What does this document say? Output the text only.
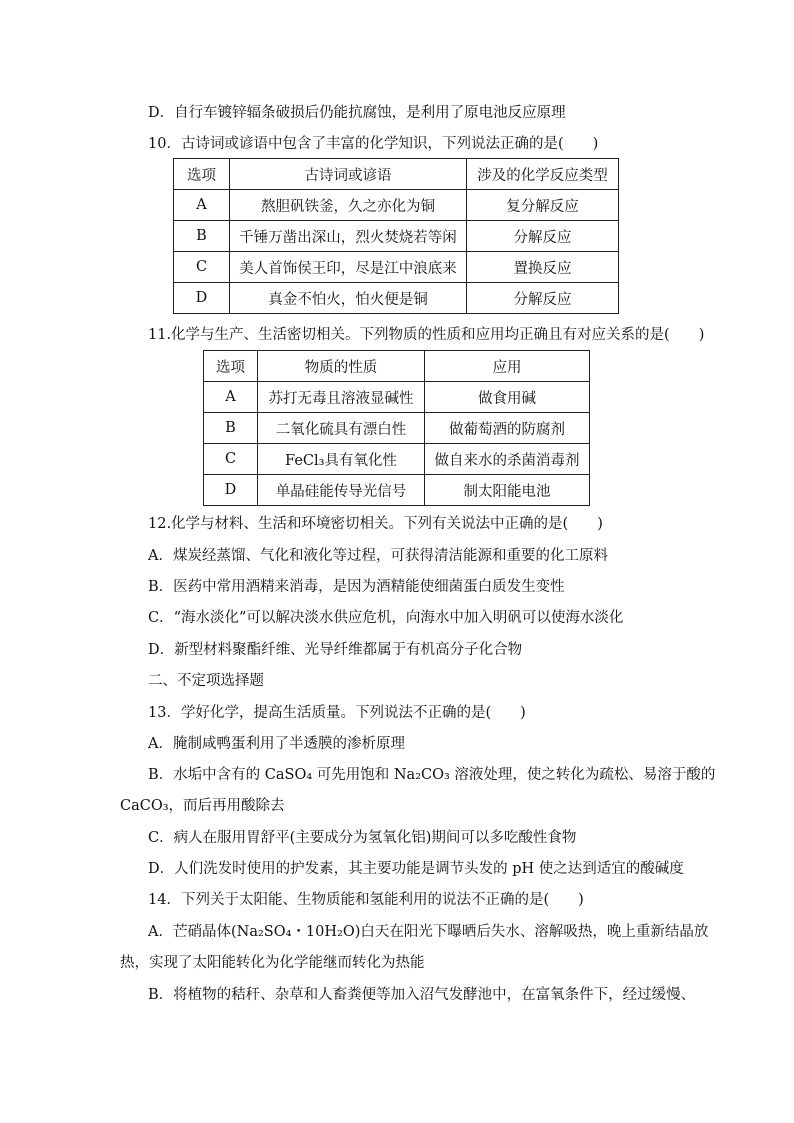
D．自行车镀锌辐条破损后仍能抗腐蚀，是利用了原电池反应原理
10．古诗词或谚语中包含了丰富的化学知识，下列说法正确的是(　　)
选项	古诗词或谚语	涉及的化学反应类型
A	熬胆矾铁釜，久之亦化为铜	复分解反应
B	千锤万凿出深山，烈火焚烧若等闲	分解反应
C	美人首饰侯王印，尽是江中浪底来	置换反应
D	真金不怕火，怕火便是铜	分解反应
11.化学与生产、生活密切相关。下列物质的性质和应用均正确且有对应关系的是(　　)
选项	物质的性质	应用
A	苏打无毒且溶液显碱性	做食用碱
B	二氧化硫具有漂白性	做葡萄酒的防腐剂
C	FeCl₃具有氧化性	做自来水的杀菌消毒剂
D	单晶硅能传导光信号	制太阳能电池
12.化学与材料、生活和环境密切相关。下列有关说法中正确的是(　　)
A．煤炭经蒸馏、气化和液化等过程，可获得清洁能源和重要的化工原料
B．医药中常用酒精来消毒，是因为酒精能使细菌蛋白质发生变性
C．“海水淡化”可以解决淡水供应危机，向海水中加入明矾可以使海水淡化
D．新型材料聚酯纤维、光导纤维都属于有机高分子化合物
二、不定项选择题
13．学好化学，提高生活质量。下列说法不正确的是(　　)
A．腌制咸鸭蛋利用了半透膜的渗析原理
B．水垢中含有的 CaSO₄ 可先用饱和 Na₂CO₃ 溶液处理，使之转化为疏松、易溶于酸的
CaCO₃，而后再用酸除去
C．病人在服用胃舒平(主要成分为氢氧化铝)期间可以多吃酸性食物
D．人们洗发时使用的护发素，其主要功能是调节头发的 pH 使之达到适宜的酸碱度
14．下列关于太阳能、生物质能和氢能利用的说法不正确的是(　　)
A．芒硝晶体(Na₂SO₄・10H₂O)白天在阳光下曝晒后失水、溶解吸热，晚上重新结晶放
热，实现了太阳能转化为化学能继而转化为热能
B．将植物的秸秆、杂草和人畜粪便等加入沼气发酵池中，在富氧条件下，经过缓慢、
